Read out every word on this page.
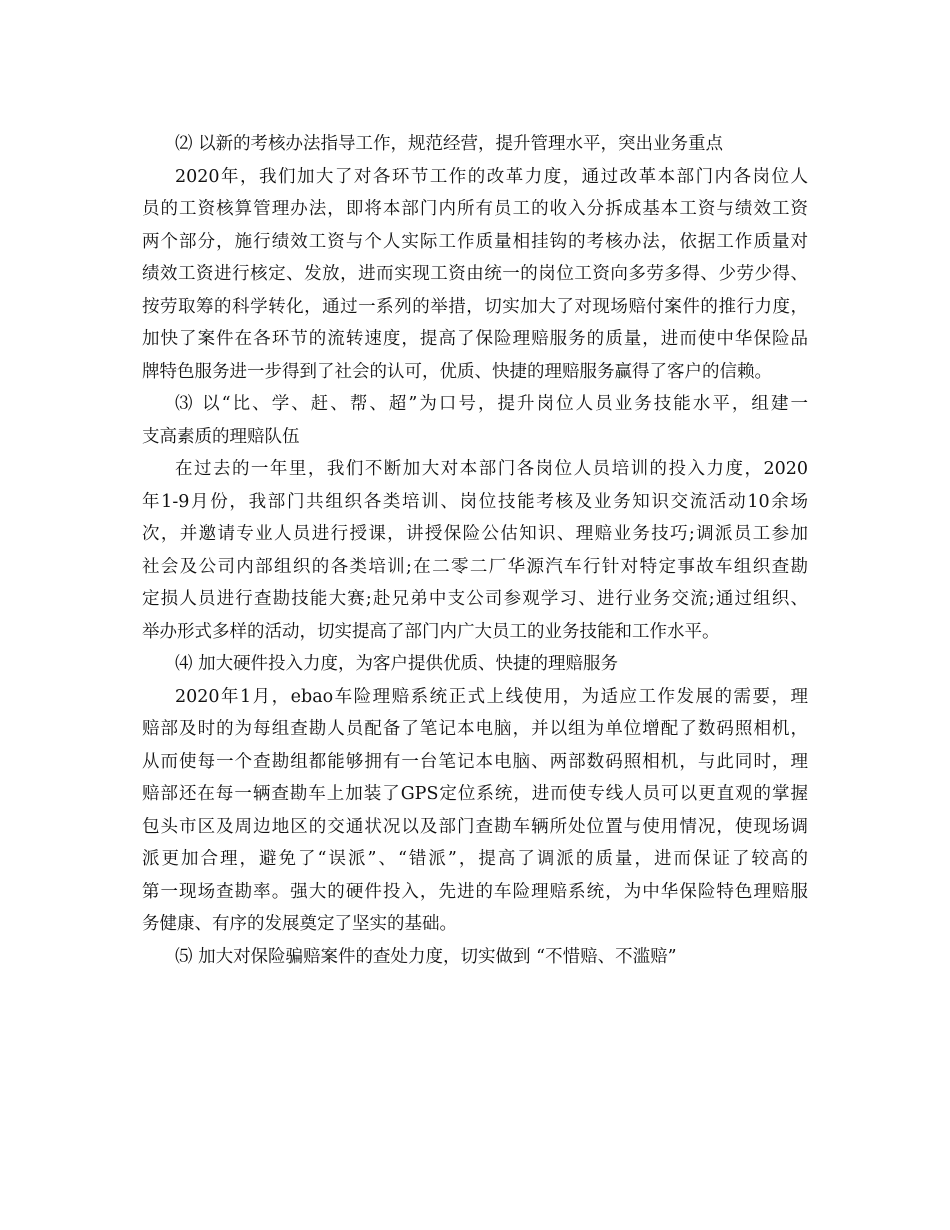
⑵ 以新的考核办法指导工作，规范经营，提升管理水平，突出业务重点
2020年，我们加大了对各环节工作的改革力度，通过改革本部门内各岗位人
员的工资核算管理办法，即将本部门内所有员工的收入分拆成基本工资与绩效工资
两个部分，施行绩效工资与个人实际工作质量相挂钩的考核办法，依据工作质量对
绩效工资进行核定、发放，进而实现工资由统一的岗位工资向多劳多得、少劳少得、
按劳取筹的科学转化，通过一系列的举措，切实加大了对现场赔付案件的推行力度，
加快了案件在各环节的流转速度，提高了保险理赔服务的质量，进而使中华保险品
牌特色服务进一步得到了社会的认可，优质、快捷的理赔服务赢得了客户的信赖。
⑶ 以“比、学、赶、帮、超”为口号，提升岗位人员业务技能水平，组建一
支高素质的理赔队伍
在过去的一年里，我们不断加大对本部门各岗位人员培训的投入力度，2020
年1-9月份，我部门共组织各类培训、岗位技能考核及业务知识交流活动10余场
次，并邀请专业人员进行授课，讲授保险公估知识、理赔业务技巧;调派员工参加
社会及公司内部组织的各类培训;在二零二厂华源汽车行针对特定事故车组织查勘
定损人员进行查勘技能大赛;赴兄弟中支公司参观学习、进行业务交流;通过组织、
举办形式多样的活动，切实提高了部门内广大员工的业务技能和工作水平。
⑷ 加大硬件投入力度，为客户提供优质、快捷的理赔服务
2020年1月，ebao车险理赔系统正式上线使用，为适应工作发展的需要，理
赔部及时的为每组查勘人员配备了笔记本电脑，并以组为单位增配了数码照相机，
从而使每一个查勘组都能够拥有一台笔记本电脑、两部数码照相机，与此同时，理
赔部还在每一辆查勘车上加装了GPS定位系统，进而使专线人员可以更直观的掌握
包头市区及周边地区的交通状况以及部门查勘车辆所处位置与使用情况，使现场调
派更加合理，避免了“误派”、“错派”，提高了调派的质量，进而保证了较高的
第一现场查勘率。强大的硬件投入，先进的车险理赔系统，为中华保险特色理赔服
务健康、有序的发展奠定了坚实的基础。
⑸ 加大对保险骗赔案件的查处力度，切实做到 “不惜赔、不滥赔”
